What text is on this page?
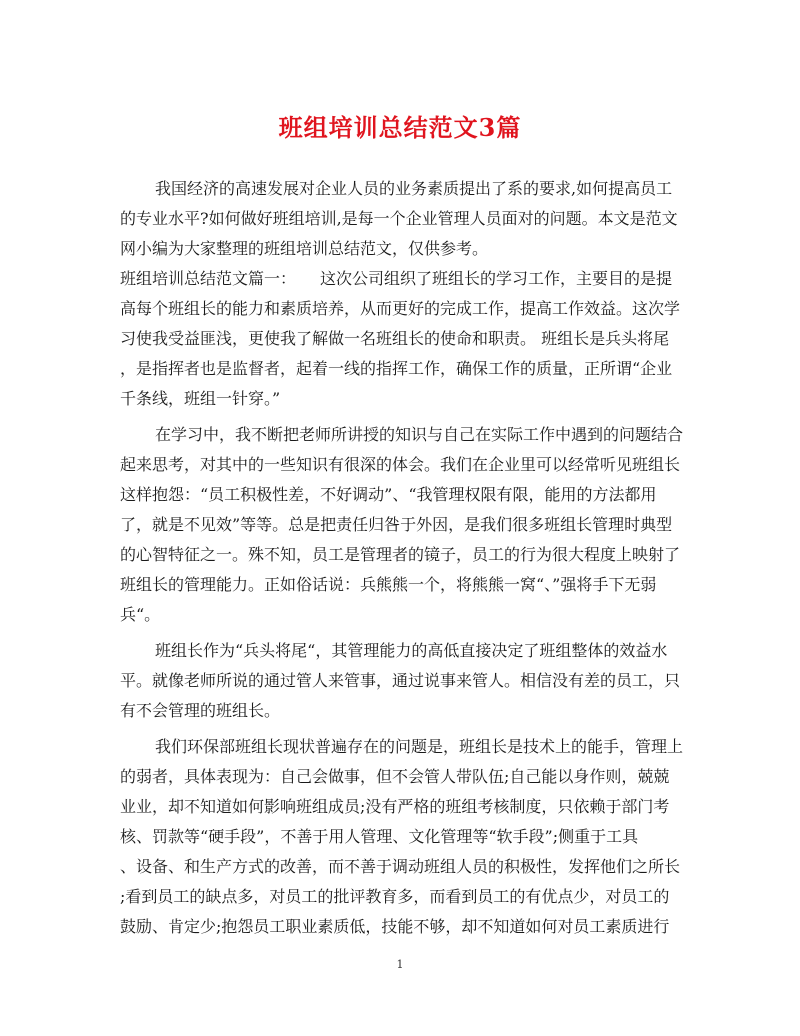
班组培训总结范文3篇
我国经济的高速发展对企业人员的业务素质提出了系的要求,如何提高员工
的专业水平?如何做好班组培训,是每一个企业管理人员面对的问题。本文是范文
网小编为大家整理的班组培训总结范文，仅供参考。
班组培训总结范文篇一：　　这次公司组织了班组长的学习工作，主要目的是提
高每个班组长的能力和素质培养，从而更好的完成工作，提高工作效益。这次学
习使我受益匪浅，更使我了解做一名班组长的使命和职责。 班组长是兵头将尾
，是指挥者也是监督者，起着一线的指挥工作，确保工作的质量，正所谓“企业
千条线，班组一针穿。”
在学习中，我不断把老师所讲授的知识与自己在实际工作中遇到的问题结合
起来思考，对其中的一些知识有很深的体会。我们在企业里可以经常听见班组长
这样抱怨：“员工积极性差，不好调动”、“我管理权限有限，能用的方法都用
了，就是不见效”等等。总是把责任归咎于外因，是我们很多班组长管理时典型
的心智特征之一。殊不知，员工是管理者的镜子，员工的行为很大程度上映射了
班组长的管理能力。正如俗话说：兵熊熊一个，将熊熊一窝“、”强将手下无弱
兵“。
班组长作为“兵头将尾“，其管理能力的高低直接决定了班组整体的效益水
平。就像老师所说的通过管人来管事，通过说事来管人。相信没有差的员工，只
有不会管理的班组长。
我们环保部班组长现状普遍存在的问题是，班组长是技术上的能手，管理上
的弱者，具体表现为：自己会做事，但不会管人带队伍;自己能以身作则，兢兢
业业，却不知道如何影响班组成员;没有严格的班组考核制度，只依赖于部门考
核、罚款等“硬手段”，不善于用人管理、文化管理等“软手段”;侧重于工具
、设备、和生产方式的改善，而不善于调动班组人员的积极性，发挥他们之所长
;看到员工的缺点多，对员工的批评教育多，而看到员工的有优点少，对员工的
鼓励、肯定少;抱怨员工职业素质低，技能不够，却不知道如何对员工素质进行
1
